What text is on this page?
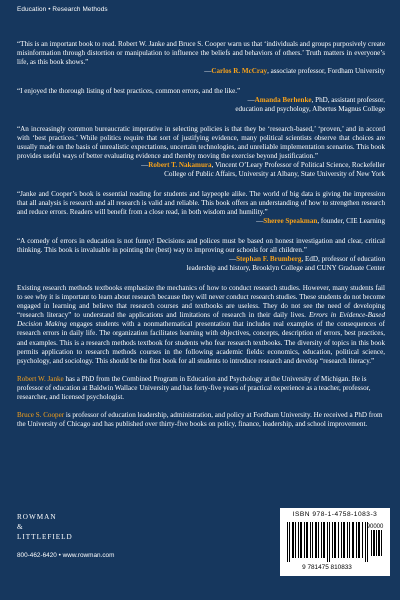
Education • Research Methods
“This is an important book to read. Robert W. Janke and Bruce S. Cooper warn us that ‘individuals and groups purposively create misinformation through distortion or manipulation to influence the beliefs and behaviors of others.’ Truth matters in everyone’s life, as this book shows.”
—Carlos R. McCray, associate professor, Fordham University
“I enjoyed the thorough listing of best practices, common errors, and the like.”
—Amanda Berhenke, PhD, assistant professor,
education and psychology, Albertus Magnus College
“An increasingly common bureaucratic imperative in selecting policies is that they be ‘research-based,’ ‘proven,’ and in accord with ‘best practices.’ While politics require that sort of justifying evidence, many political scientists observe that choices are usually made on the basis of unrealistic expectations, uncertain technologies, and unreliable implementation scenarios. This book provides useful ways of better evaluating evidence and thereby moving the exercise beyond justification.”
—Robert T. Nakamura, Vincent O’Leary Professor of Political Science, Rockefeller
College of Public Affairs, University at Albany, State University of New York
“Janke and Cooper’s book is essential reading for students and laypeople alike. The world of big data is giving the impression that all analysis is research and all research is valid and reliable. This book offers an understanding of how to strengthen research and reduce errors. Readers will benefit from a close read, in both wisdom and humility.”
—Sheree Speakman, founder, CIE Learning
“A comedy of errors in education is not funny! Decisions and polices must be based on honest investigation and clear, critical thinking. This book is invaluable in pointing the (best) way to improving our schools for all children.”
—Stephan F. Brumberg, EdD, professor of education
leadership and history, Brooklyn College and CUNY Graduate Center
Existing research methods textbooks emphasize the mechanics of how to conduct research studies. However, many students fail to see why it is important to learn about research because they will never conduct research studies. These students do not become engaged in learning and believe that research courses and textbooks are useless. They do not see the need of developing “research literacy” to understand the applications and limitations of research in their daily lives. Errors in Evidence-Based Decision Making engages students with a nonmathematical presentation that includes real examples of the consequences of research errors in daily life. The organization facilitates learning with objectives, concepts, description of errors, best practices, and examples. This is a research methods textbook for students who fear research textbooks. The diversity of topics in this book permits application to research methods courses in the following academic fields: economics, education, political science, psychology, and sociology. This should be the first book for all students to introduce research and develop “research literacy.”
Robert W. Janke has a PhD from the Combined Program in Education and Psychology at the University of Michigan. He is professor of education at Baldwin Wallace University and has forty-five years of practical experience as a teacher, professor, researcher, and licensed psychologist.
Bruce S. Cooper is professor of education leadership, administration, and policy at Fordham University. He received a PhD from the University of Chicago and has published over thirty-five books on policy, finance, leadership, and school improvement.
ROWMAN
&
LITTLEFIELD
800-462-6420 • www.rowman.com
ISBN 978-1-4758-1083-3
90000
9 781475 810833
